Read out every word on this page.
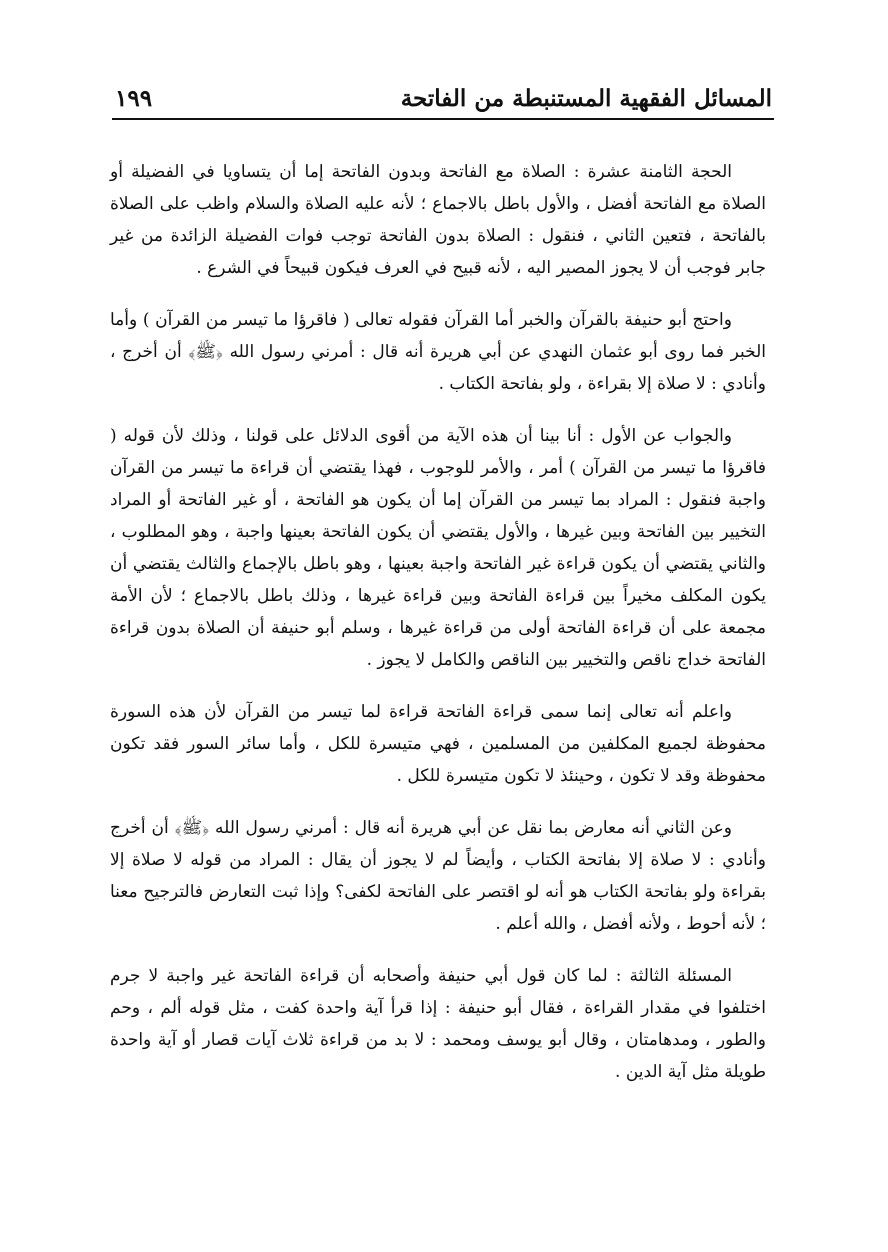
المسائل الفقهية المستنبطة من الفاتحة
١٩٩

الحجة الثامنة عشرة : الصلاة مع الفاتحة وبدون الفاتحة إما أن يتساويا في الفضيلة أو الصلاة مع الفاتحة أفضل ، والأول باطل بالاجماع ؛ لأنه عليه الصلاة والسلام واظب على الصلاة بالفاتحة ، فتعين الثاني ، فنقول : الصلاة بدون الفاتحة توجب فوات الفضيلة الزائدة من غير جابر فوجب أن لا يجوز المصير اليه ، لأنه قبيح في العرف فيكون قبيحاً في الشرع .

واحتج أبو حنيفة بالقرآن والخبر أما القرآن فقوله تعالى ( فاقرؤا ما تيسر من القرآن ) وأما الخبر فما روى أبو عثمان النهدي عن أبي هريرة أنه قال : أمرني رسول الله ﴿ﷺ﴾ أن أخرج ، وأنادي : لا صلاة إلا بقراءة ، ولو بفاتحة الكتاب .

والجواب عن الأول : أنا بينا أن هذه الآية من أقوى الدلائل على قولنا ، وذلك لأن قوله ( فاقرؤا ما تيسر من القرآن ) أمر ، والأمر للوجوب ، فهذا يقتضي أن قراءة ما تيسر من القرآن واجبة فنقول : المراد بما تيسر من القرآن إما أن يكون هو الفاتحة ، أو غير الفاتحة أو المراد التخيير بين الفاتحة وبين غيرها ، والأول يقتضي أن يكون الفاتحة بعينها واجبة ، وهو المطلوب ، والثاني يقتضي أن يكون قراءة غير الفاتحة واجبة بعينها ، وهو باطل بالإجماع والثالث يقتضي أن يكون المكلف مخيراً بين قراءة الفاتحة وبين قراءة غيرها ، وذلك باطل بالاجماع ؛ لأن الأمة مجمعة على أن قراءة الفاتحة أولى من قراءة غيرها ، وسلم أبو حنيفة أن الصلاة بدون قراءة الفاتحة خداج ناقص والتخيير بين الناقص والكامل لا يجوز .

واعلم أنه تعالى إنما سمى قراءة الفاتحة قراءة لما تيسر من القرآن لأن هذه السورة محفوظة لجميع المكلفين من المسلمين ، فهي متيسرة للكل ، وأما سائر السور فقد تكون محفوظة وقد لا تكون ، وحينئذ لا تكون متيسرة للكل .

وعن الثاني أنه معارض بما نقل عن أبي هريرة أنه قال : أمرني رسول الله ﴿ﷺ﴾ أن أخرج وأنادي : لا صلاة إلا بفاتحة الكتاب ، وأيضاً لم لا يجوز أن يقال : المراد من قوله لا صلاة إلا بقراءة ولو بفاتحة الكتاب هو أنه لو اقتصر على الفاتحة لكفى؟ وإذا ثبت التعارض فالترجيح معنا ؛ لأنه أحوط ، ولأنه أفضل ، والله أعلم .

المسئلة الثالثة : لما كان قول أبي حنيفة وأصحابه أن قراءة الفاتحة غير واجبة لا جرم اختلفوا في مقدار القراءة ، فقال أبو حنيفة : إذا قرأ آية واحدة كفت ، مثل قوله ألم ، وحم والطور ، ومدهامتان ، وقال أبو يوسف ومحمد : لا بد من قراءة ثلاث آيات قصار أو آية واحدة طويلة مثل آية الدين .
